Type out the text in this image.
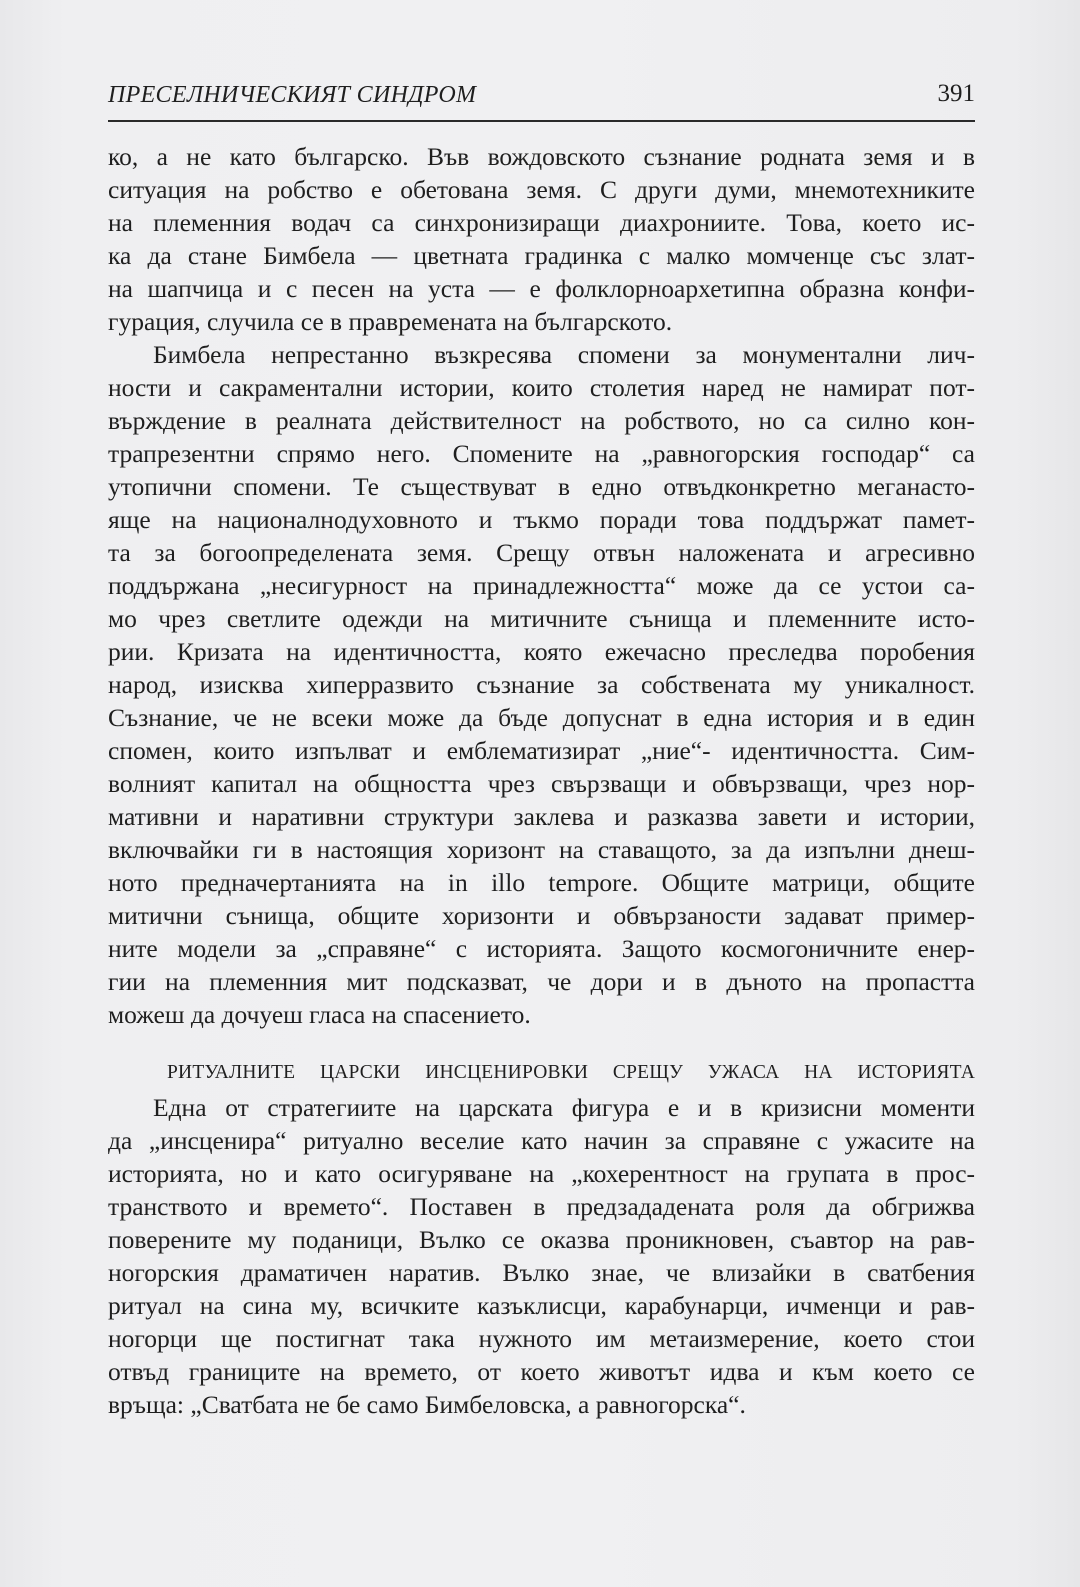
ПРЕСЕЛНИЧЕСКИЯТ СИНДРОМ	391
ко, а не като българско. Във вождовското съзнание родната земя и в
ситуация на робство е обетована земя. С други думи, мнемотехниките
на племенния водач са синхронизиращи диахрониите. Това, което ис-
ка да стане Бимбела — цветната градинка с малко момченце със злат-
на шапчица и с песен на уста — е фолклорноархетипна образна конфи-
гурация, случила се в правремената на българското.
Бимбела непрестанно възкресява спомени за монументални лич-
ности и сакраментални истории, които столетия наред не намират пот-
върждение в реалната действителност на робството, но са силно кон-
трапрезентни спрямо него. Спомените на „равногорския господар“ са
утопични спомени. Те съществуват в едно отвъдконкретно меганасто-
яще на националнодуховното и тъкмо поради това поддържат памет-
та за богоопределената земя. Срещу отвън наложената и агресивно
поддържана „несигурност на принадлежността“ може да се устои са-
мо чрез светлите одежди на митичните сънища и племенните исто-
рии. Кризата на идентичността, която ежечасно преследва поробения
народ, изисква хиперразвито съзнание за собствената му уникалност.
Съзнание, че не всеки може да бъде допуснат в една история и в един
спомен, които изпълват и емблематизират „ние“- идентичността. Сим-
волният капитал на общността чрез свързващи и обвързващи, чрез нор-
мативни и наративни структури заклева и разказва завети и истории,
включвайки ги в настоящия хоризонт на ставащото, за да изпълни днеш-
ното предначертанията на in illo tempore. Общите матрици, общите
митични сънища, общите хоризонти и обвързаности задават пример-
ните модели за „справяне“ с историята. Защото космогоничните енер-
гии на племенния мит подсказват, че дори и в дъното на пропастта
можеш да дочуеш гласа на спасението.
РИТУАЛНИТЕ ЦАРСКИ ИНСЦЕНИРОВКИ СРЕЩУ УЖАСА НА ИСТОРИЯТА
Една от стратегиите на царската фигура е и в кризисни моменти
да „инсценира“ ритуално веселие като начин за справяне с ужасите на
историята, но и като осигуряване на „кохерентност на групата в прос-
транството и времето“. Поставен в предзададената роля да обгрижва
поверените му поданици, Вълко се оказва проникновен, съавтор на рав-
ногорския драматичен наратив. Вълко знае, че влизайки в сватбения
ритуал на сина му, всичките казъклисци, карабунарци, ичменци и рав-
ногорци ще постигнат така нужното им метаизмерение, което стои
отвъд границите на времето, от което животът идва и към което се
връща: „Сватбата не бе само Бимбеловска, а равногорска“.
